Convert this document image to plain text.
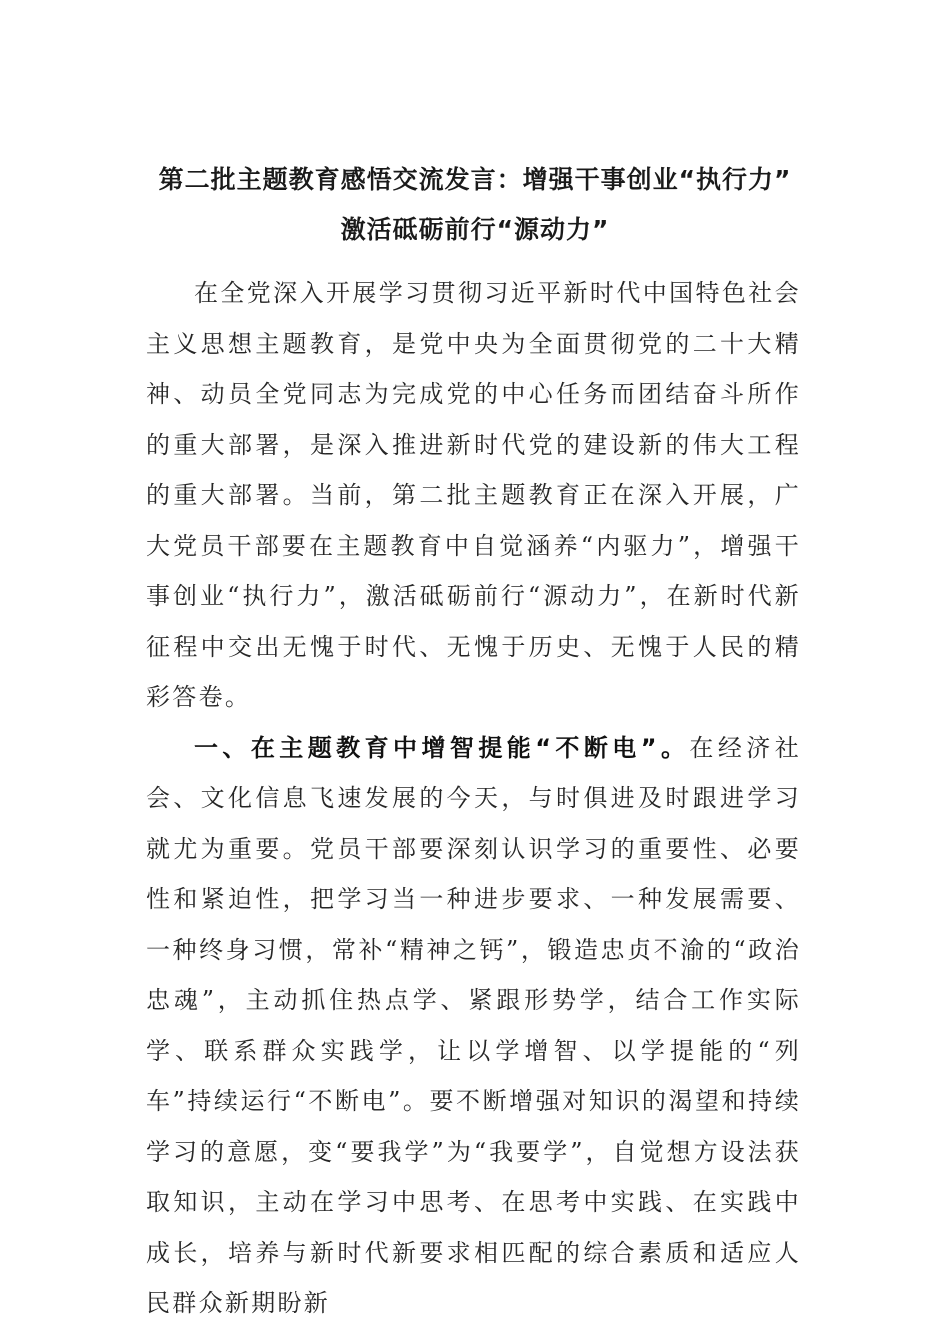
第二批主题教育感悟交流发言：增强干事创业“执行力”
激活砥砺前行“源动力”

在全党深入开展学习贯彻习近平新时代中国特色社会主义思想主题教育，是党中央为全面贯彻党的二十大精神、动员全党同志为完成党的中心任务而团结奋斗所作的重大部署，是深入推进新时代党的建设新的伟大工程的重大部署。当前，第二批主题教育正在深入开展，广大党员干部要在主题教育中自觉涵养“内驱力”，增强干事创业“执行力”，激活砥砺前行“源动力”，在新时代新征程中交出无愧于时代、无愧于历史、无愧于人民的精彩答卷。

一、在主题教育中增智提能“不断电”。在经济社会、文化信息飞速发展的今天，与时俱进及时跟进学习就尤为重要。党员干部要深刻认识学习的重要性、必要性和紧迫性，把学习当一种进步要求、一种发展需要、一种终身习惯，常补“精神之钙”，锻造忠贞不渝的“政治忠魂”，主动抓住热点学、紧跟形势学，结合工作实际学、联系群众实践学，让以学增智、以学提能的“列车”持续运行“不断电”。要不断增强对知识的渴望和持续学习的意愿，变“要我学”为“我要学”，自觉想方设法获取知识，主动在学习中思考、在思考中实践、在实践中成长，培养与新时代新要求相匹配的综合素质和适应人民群众新期盼新
